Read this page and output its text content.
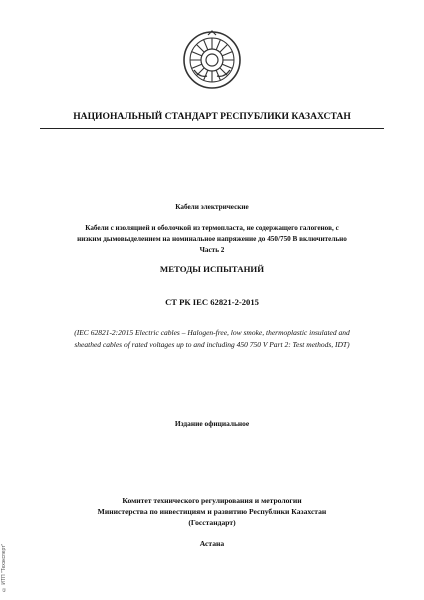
НАЦИОНАЛЬНЫЙ СТАНДАРТ РЕСПУБЛИКИ КАЗАХСТАН
Кабели электрические
Кабели с изоляцией и оболочкой из термопласта, не содержащего галогенов, с
низким дымовыделением на номинальное напряжение до 450/750 В включительно
Часть 2
МЕТОДЫ ИСПЫТАНИЙ
СТ РК IEC 62821-2-2015
(IEC 62821-2:2015 Electric cables – Halogen-free, low smoke, thermoplastic insulated and
sheathed cables of rated voltages up to and including 450 750 V Part 2: Test methods, IDT)
Издание официальное
Комитет технического регулирования и метрологии
Министерства по инвестициям и развитию Республики Казахстан
(Госстандарт)
Астана
© ИТП "Техэксперт"
